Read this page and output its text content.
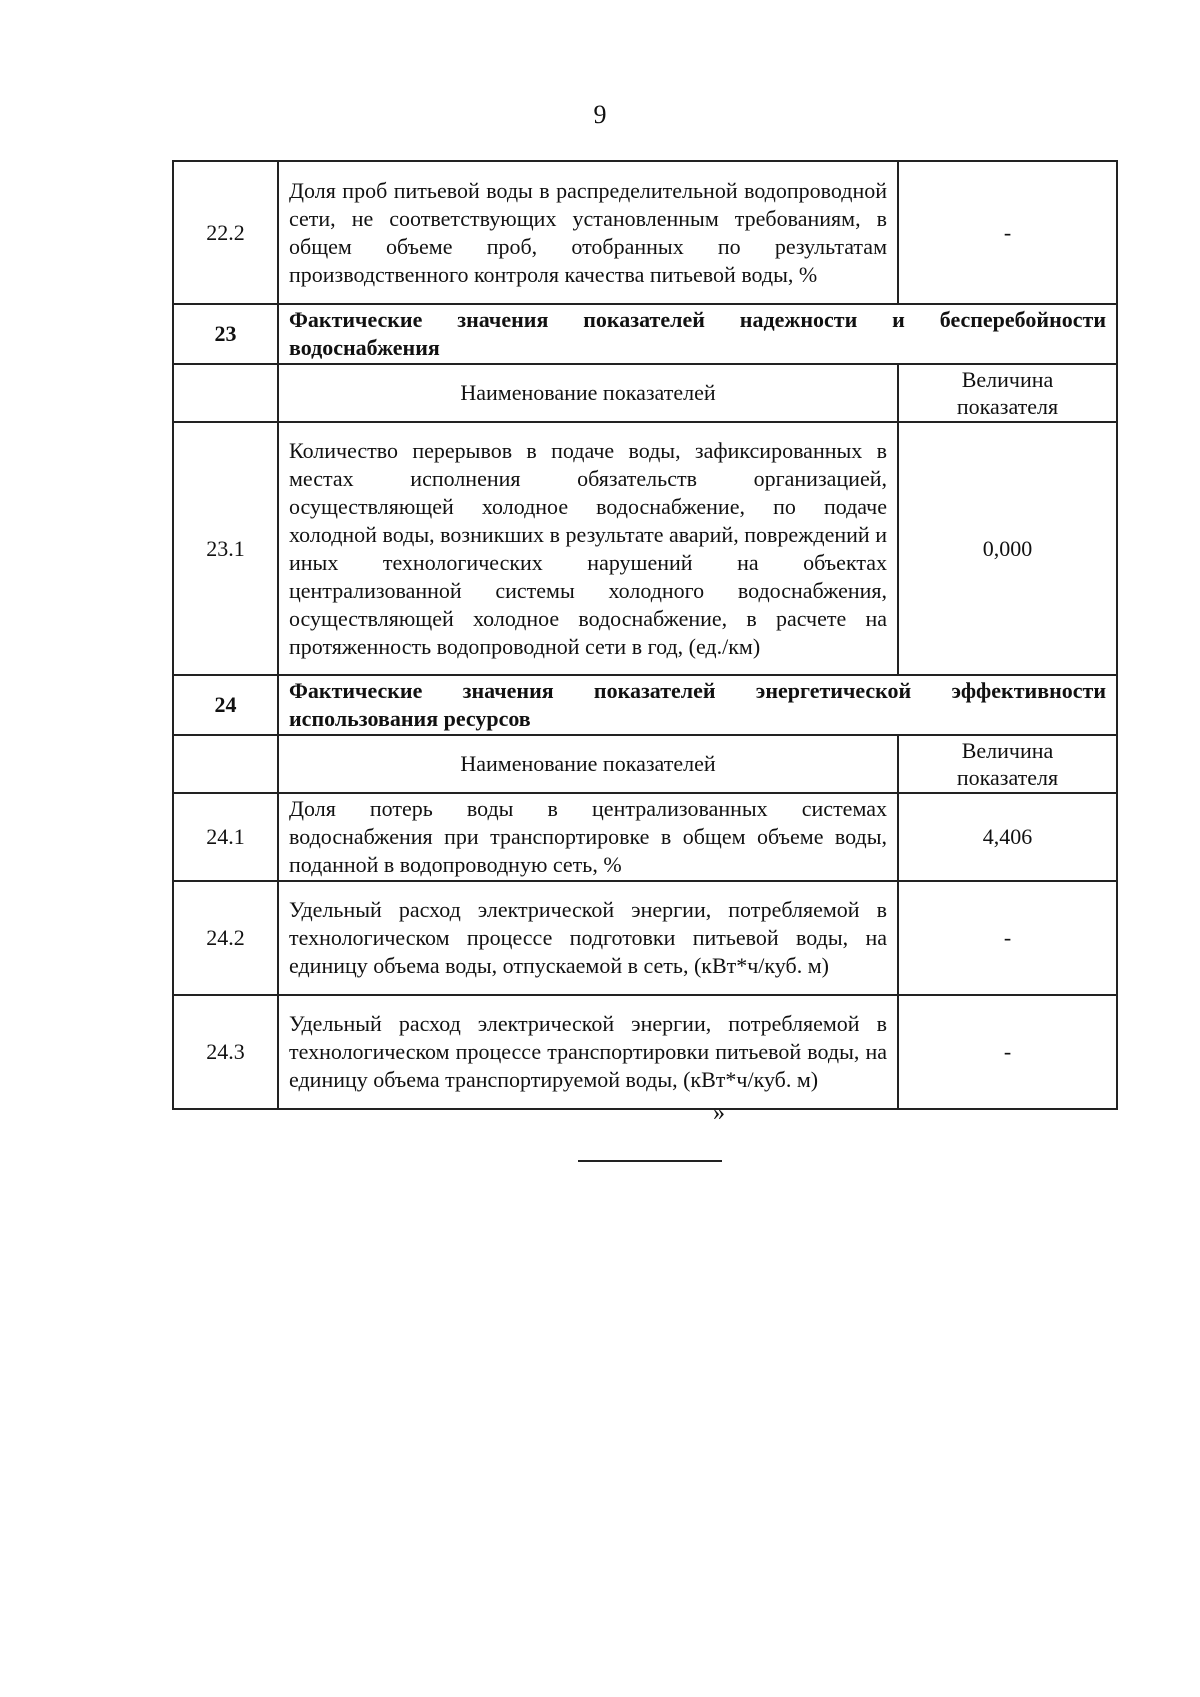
9
22.2	Доля проб питьевой воды в распределительной водопроводной сети, не соответствующих установленным требованиям, в общем объеме проб, отобранных по результатам производственного контроля качества питьевой воды, %	-
23	Фактические значения показателей надежности и бесперебойности водоснабжения	
	Наименование показателей	Величина показателя
23.1	Количество перерывов в подаче воды, зафиксированных в местах исполнения обязательств организацией, осуществляющей холодное водоснабжение, по подаче холодной воды, возникших в результате аварий, повреждений и иных технологических нарушений на объектах централизованной системы холодного водоснабжения, осуществляющей холодное водоснабжение, в расчете на протяженность водопроводной сети в год, (ед./км)	0,000
24	Фактические значения показателей энергетической эффективности использования ресурсов	
	Наименование показателей	Величина показателя
24.1	Доля потерь воды в централизованных системах водоснабжения при транспортировке в общем объеме воды, поданной в водопроводную сеть, %	4,406
24.2	Удельный расход электрической энергии, потребляемой в технологическом процессе подготовки питьевой воды, на единицу объема воды, отпускаемой в сеть, (кВт*ч/куб. м)	-
24.3	Удельный расход электрической энергии, потребляемой в технологическом процессе транспортировки питьевой воды, на единицу объема транспортируемой воды, (кВт*ч/куб. м)	-
»
